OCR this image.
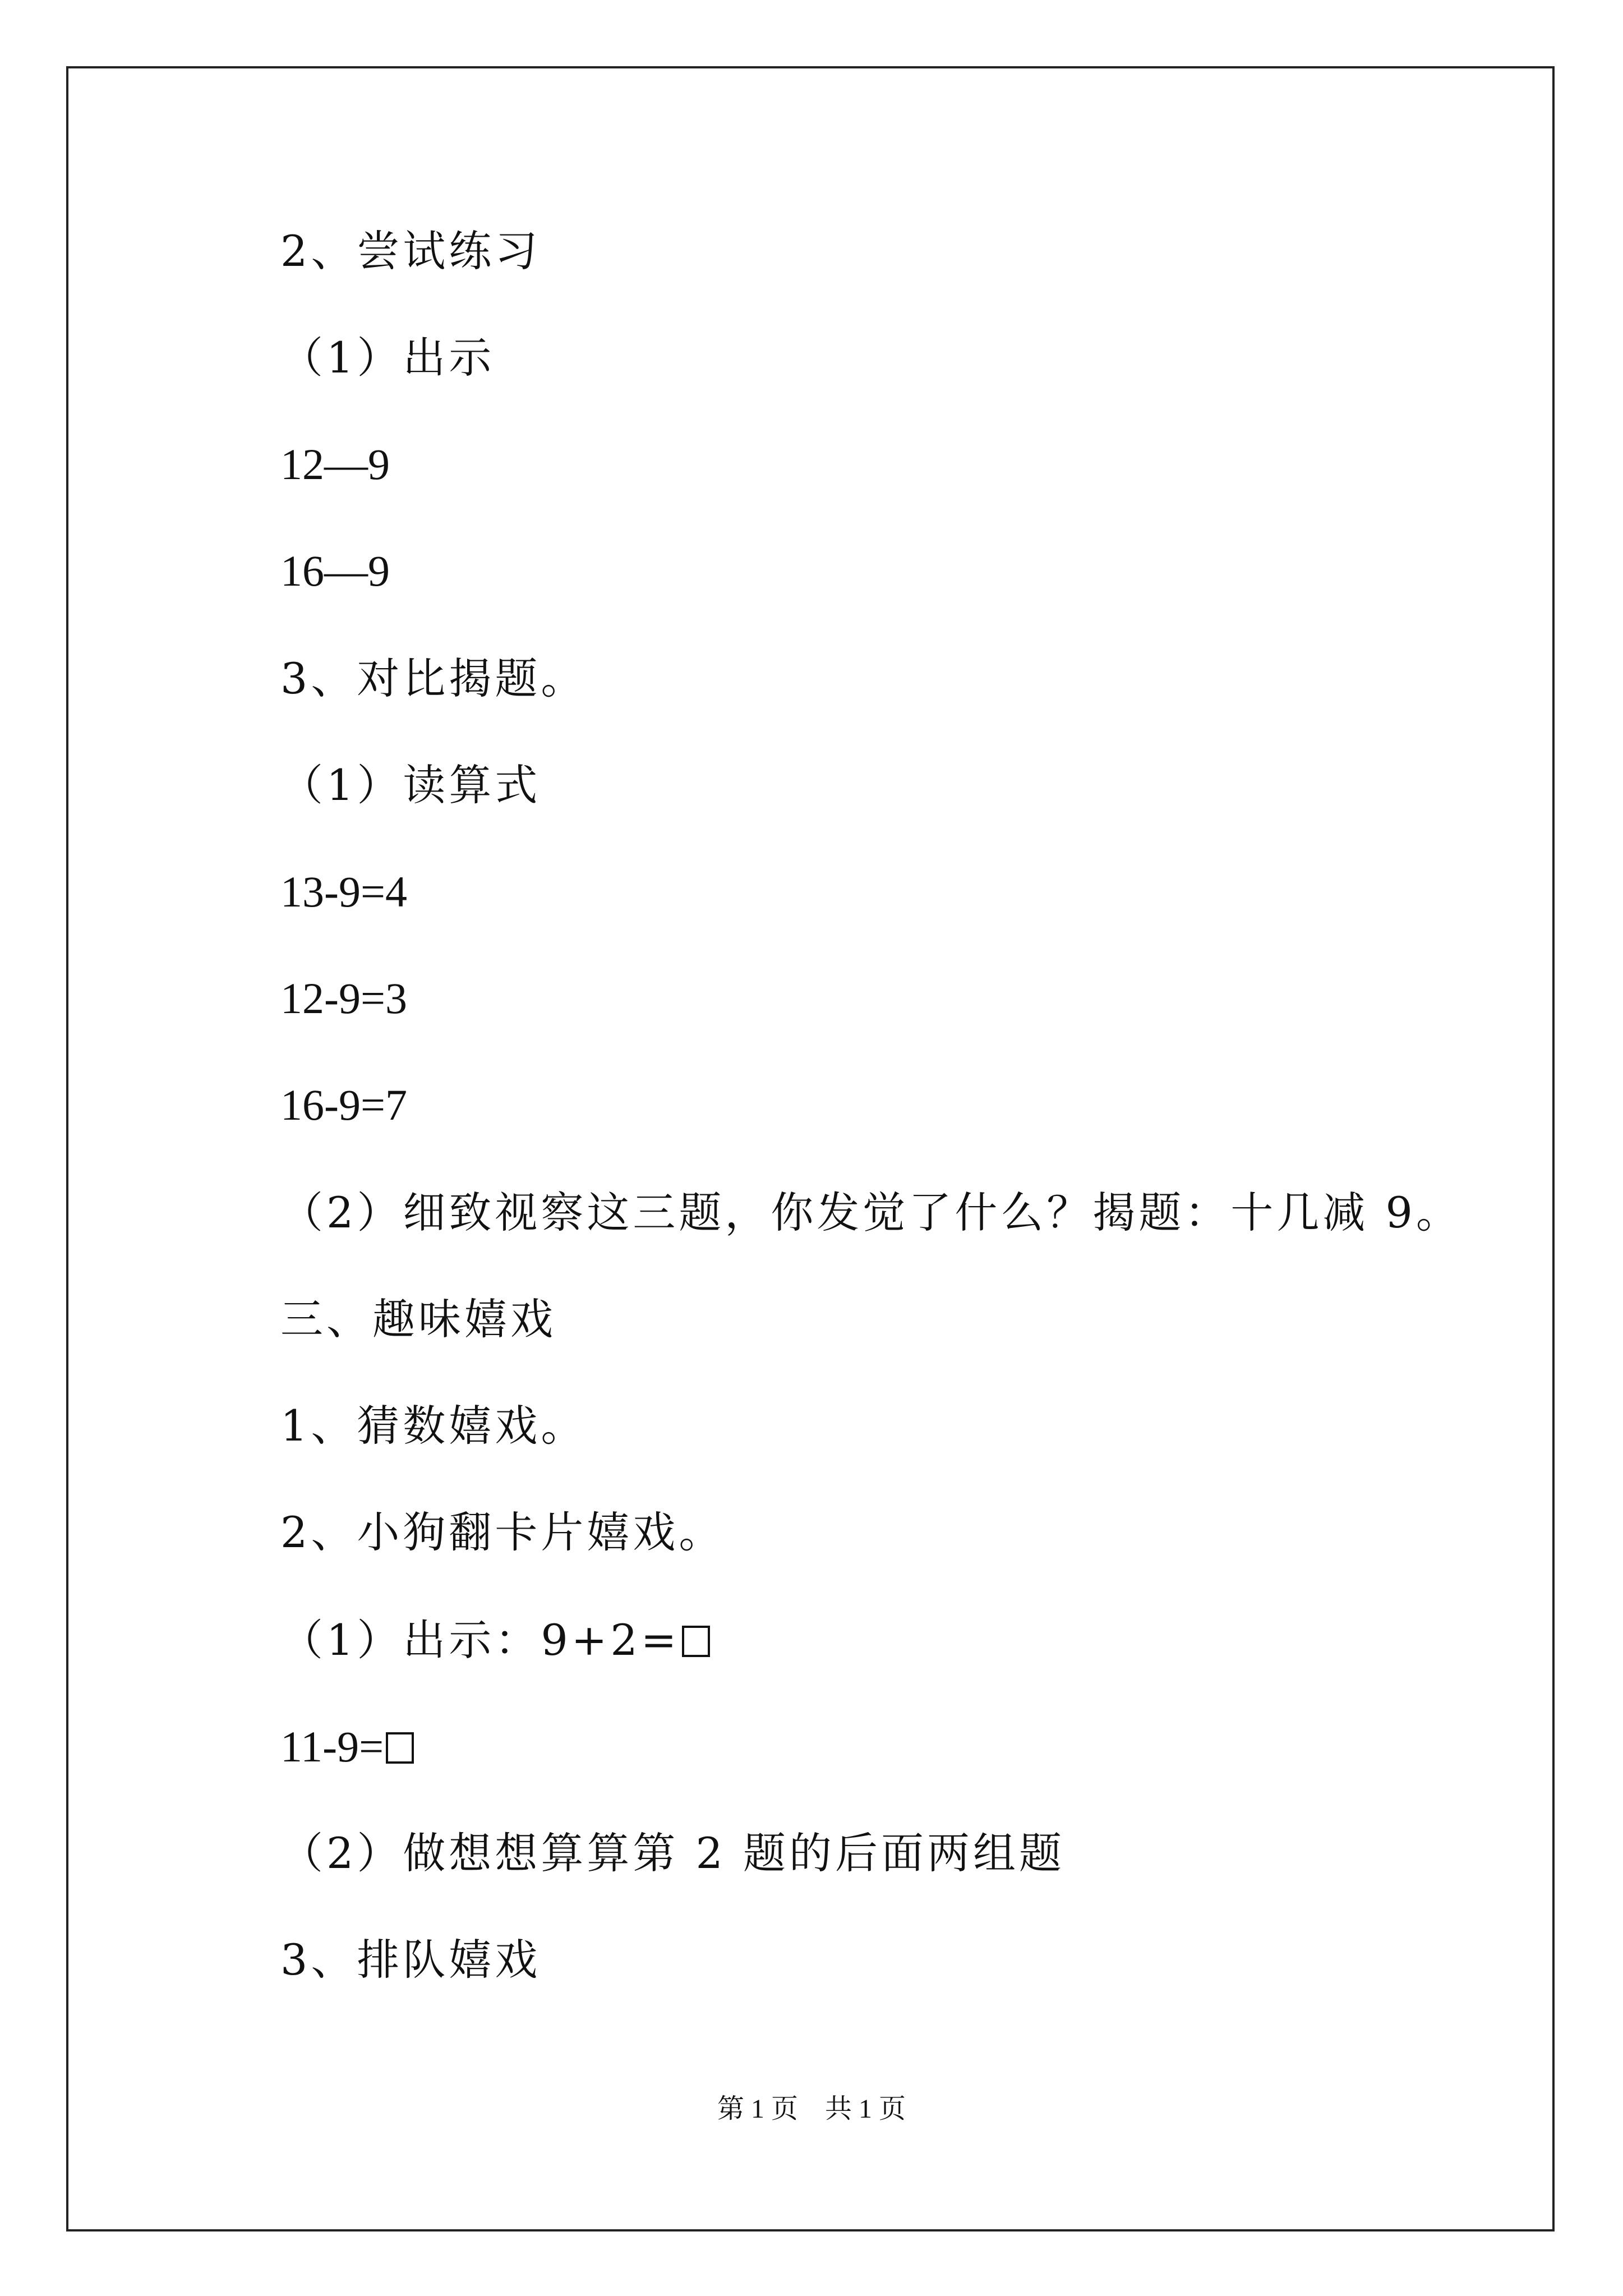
2、尝试练习
（1）出示
12—9
16—9
3、对比揭题。
（1）读算式
13-9=4
12-9=3
16-9=7
（2）细致视察这三题，你发觉了什么？揭题：十几减 9。
三、趣味嬉戏
1、猜数嬉戏。
2、小狗翻卡片嬉戏。
（1）出示：9+2=
11-9=
（2）做想想算算第 2 题的后面两组题
3、排队嬉戏
第 1 页    共 1 页
